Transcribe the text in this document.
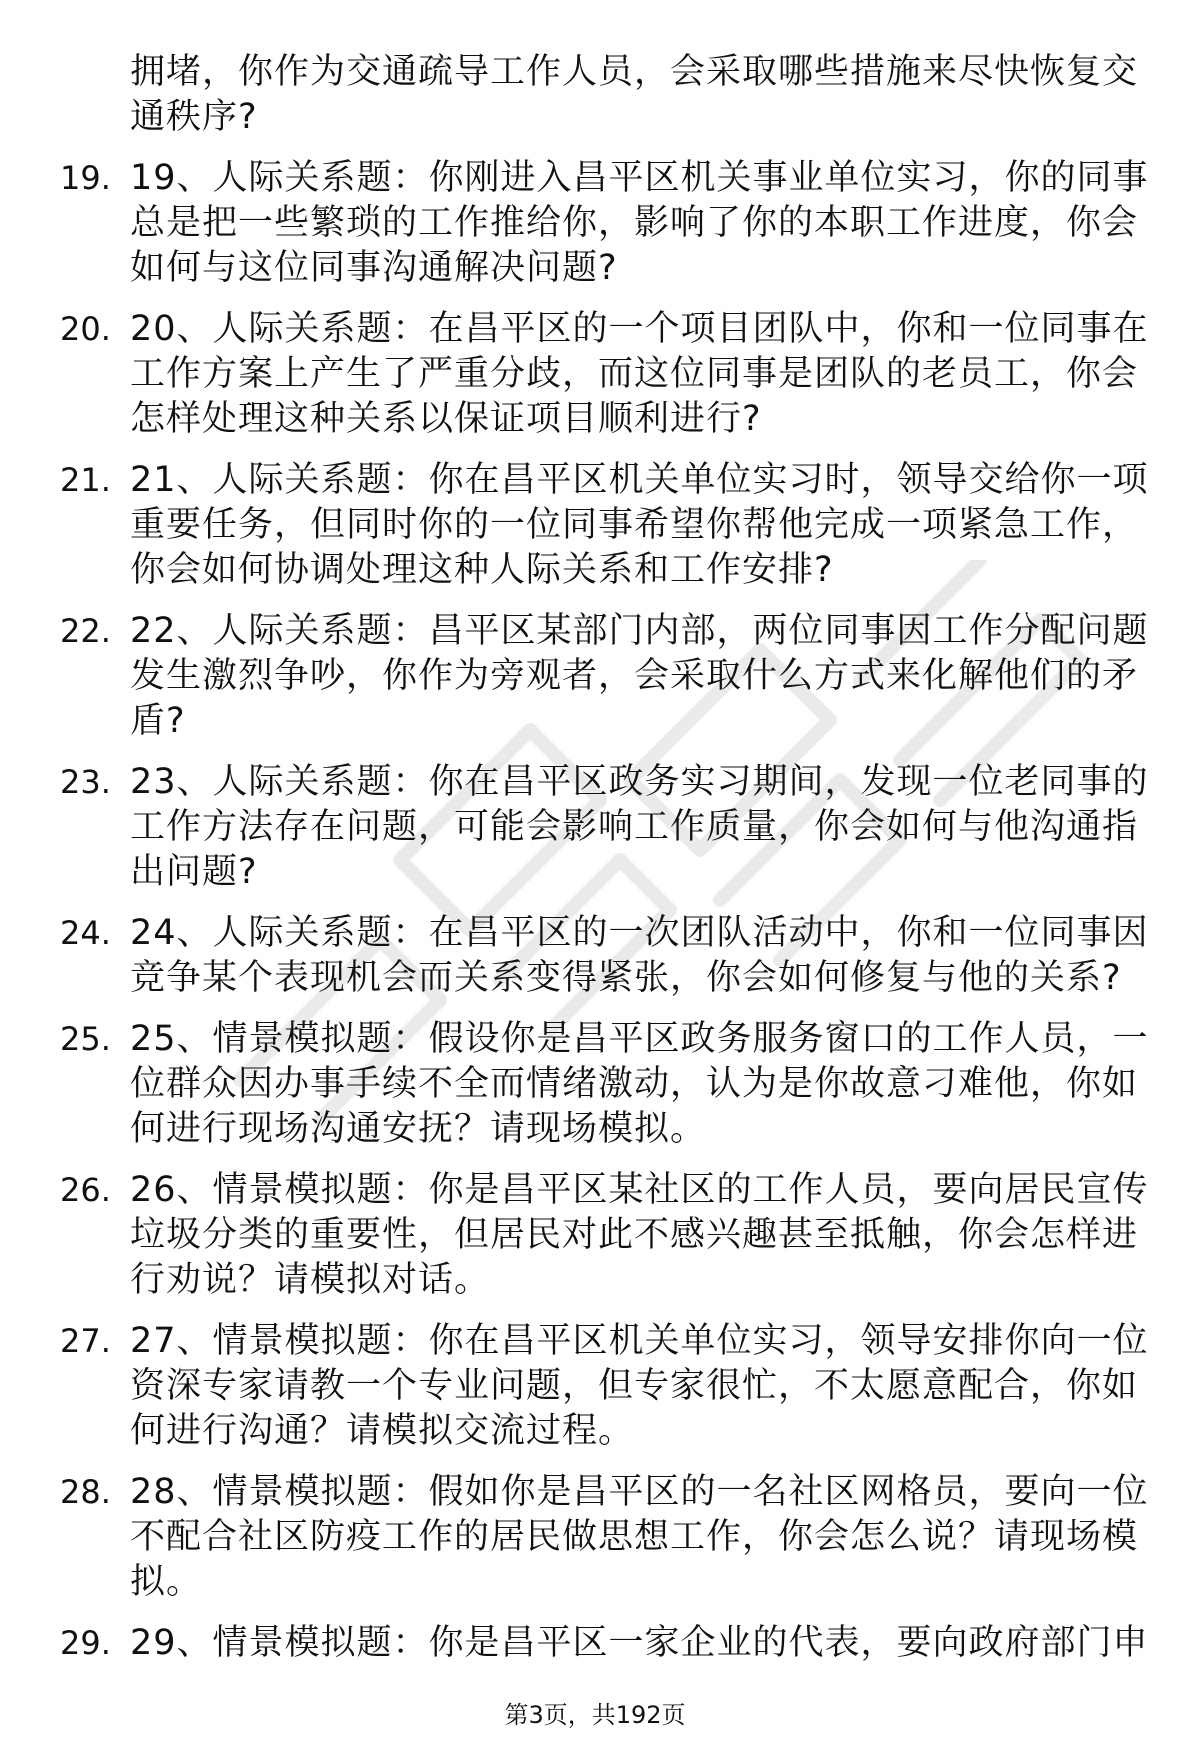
拥堵，你作为交通疏导工作人员，会采取哪些措施来尽快恢复交通秩序?
19. 19、人际关系题：你刚进入昌平区机关事业单位实习，你的同事总是把一些繁琐的工作推给你，影响了你的本职工作进度，你会如何与这位同事沟通解决问题?
20. 20、人际关系题：在昌平区的一个项目团队中，你和一位同事在工作方案上产生了严重分歧，而这位同事是团队的老员工，你会怎样处理这种关系以保证项目顺利进行?
21. 21、人际关系题：你在昌平区机关单位实习时，领导交给你一项重要任务，但同时你的一位同事希望你帮他完成一项紧急工作，你会如何协调处理这种人际关系和工作安排?
22. 22、人际关系题：昌平区某部门内部，两位同事因工作分配问题发生激烈争吵，你作为旁观者，会采取什么方式来化解他们的矛盾?
23. 23、人际关系题：你在昌平区政务实习期间，发现一位老同事的工作方法存在问题，可能会影响工作质量，你会如何与他沟通指出问题?
24. 24、人际关系题：在昌平区的一次团队活动中，你和一位同事因竞争某个表现机会而关系变得紧张，你会如何修复与他的关系?
25. 25、情景模拟题：假设你是昌平区政务服务窗口的工作人员，一位群众因办事手续不全而情绪激动，认为是你故意刁难他，你如何进行现场沟通安抚？请现场模拟。
26. 26、情景模拟题：你是昌平区某社区的工作人员，要向居民宣传垃圾分类的重要性，但居民对此不感兴趣甚至抵触，你会怎样进行劝说？请模拟对话。
27. 27、情景模拟题：你在昌平区机关单位实习，领导安排你向一位资深专家请教一个专业问题，但专家很忙，不太愿意配合，你如何进行沟通？请模拟交流过程。
28. 28、情景模拟题：假如你是昌平区的一名社区网格员，要向一位不配合社区防疫工作的居民做思想工作，你会怎么说？请现场模拟。
29. 29、情景模拟题：你是昌平区一家企业的代表，要向政府部门申
第3页，共192页
